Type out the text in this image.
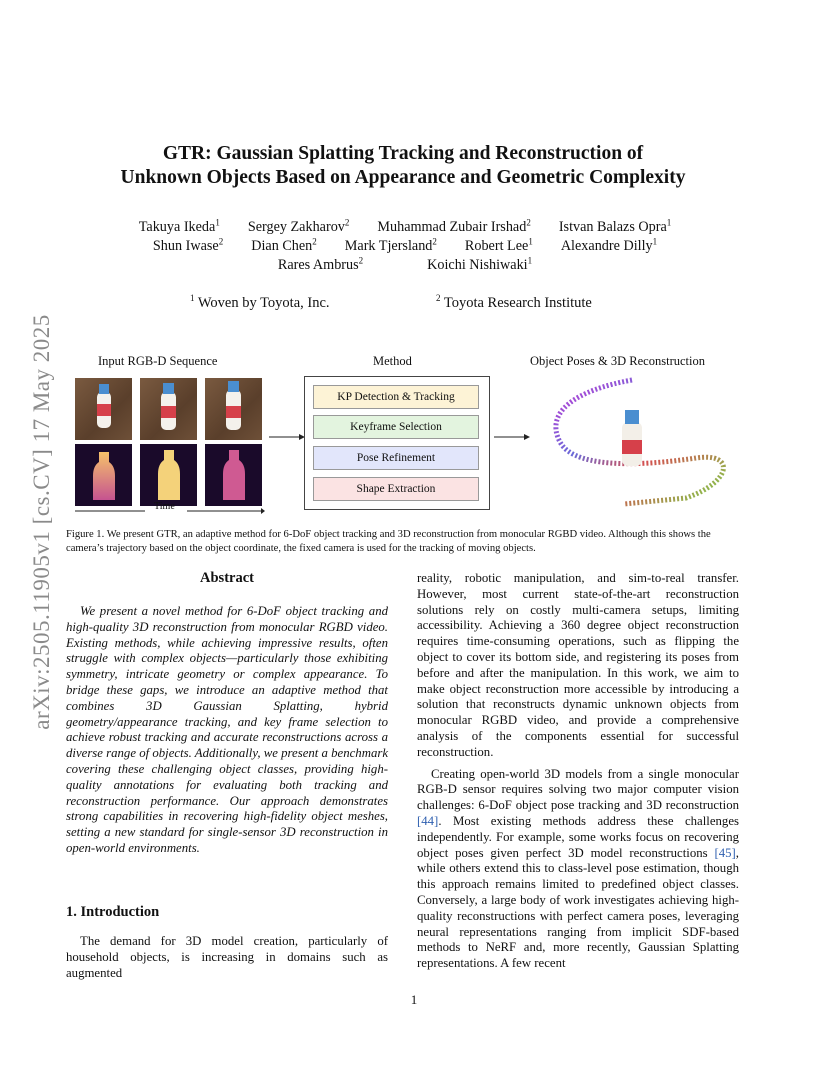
arXiv:2505.11905v1 [cs.CV] 17 May 2025
GTR: Gaussian Splatting Tracking and Reconstruction of
Unknown Objects Based on Appearance and Geometric Complexity
Takuya Ikeda$^1$ Sergey Zakharov$^2$ Muhammad Zubair Irshad$^2$ Istvan Balazs Opra$^1$
Shun Iwase$^2$ Dian Chen$^2$ Mark Tjersland$^2$ Robert Lee$^1$ Alexandre Dilly$^1$
Rares Ambrus$^2$	Koichi Nishiwaki$^1$
$^1$ Woven by Toyota, Inc.	$^2$ Toyota Research Institute
Input RGB-D Sequence	Method	Object Poses & 3D Reconstruction
Time
KP Detection & Tracking
Keyframe Selection
Pose Refinement
Shape Extraction
Figure 1. We present GTR, an adaptive method for 6-DoF object tracking and 3D reconstruction from monocular RGBD video. Although this shows the camera’s trajectory based on the object coordinate, the fixed camera is used for the tracking of moving objects.
Abstract

We present a novel method for 6-DoF object tracking and high-quality 3D reconstruction from monocular RGBD video. Existing methods, while achieving impressive results, often struggle with complex objects—particularly those exhibiting symmetry, intricate geometry or complex appearance. To bridge these gaps, we introduce an adaptive method that combines 3D Gaussian Splatting, hybrid geometry/appearance tracking, and key frame selection to achieve robust tracking and accurate reconstructions across a diverse range of objects. Additionally, we present a benchmark covering these challenging object classes, providing high-quality annotations for evaluating both tracking and reconstruction performance. Our approach demonstrates strong capabilities in recovering high-fidelity object meshes, setting a new standard for single-sensor 3D reconstruction in open-world environments.

1. Introduction

The demand for 3D model creation, particularly of household objects, is increasing in domains such as augmented

reality, robotic manipulation, and sim-to-real transfer. However, most current state-of-the-art reconstruction solutions rely on costly multi-camera setups, limiting accessibility. Achieving a 360 degree object reconstruction requires time-consuming operations, such as flipping the object to cover its bottom side, and registering its poses from before and after the manipulation. In this work, we aim to make object reconstruction more accessible by introducing a solution that reconstructs dynamic unknown objects from monocular RGBD video, and provide a comprehensive analysis of the components essential for successful reconstruction.

Creating open-world 3D models from a single monocular RGB-D sensor requires solving two major computer vision challenges: 6-DoF object pose tracking and 3D reconstruction [44]. Most existing methods address these challenges independently. For example, some works focus on recovering object poses given perfect 3D model reconstructions [45], while others extend this to class-level pose estimation, though this approach remains limited to predefined object classes. Conversely, a large body of work investigates achieving high-quality reconstructions with perfect camera poses, leveraging neural representations ranging from implicit SDF-based methods to NeRF and, more recently, Gaussian Splatting representations. A few recent

1
